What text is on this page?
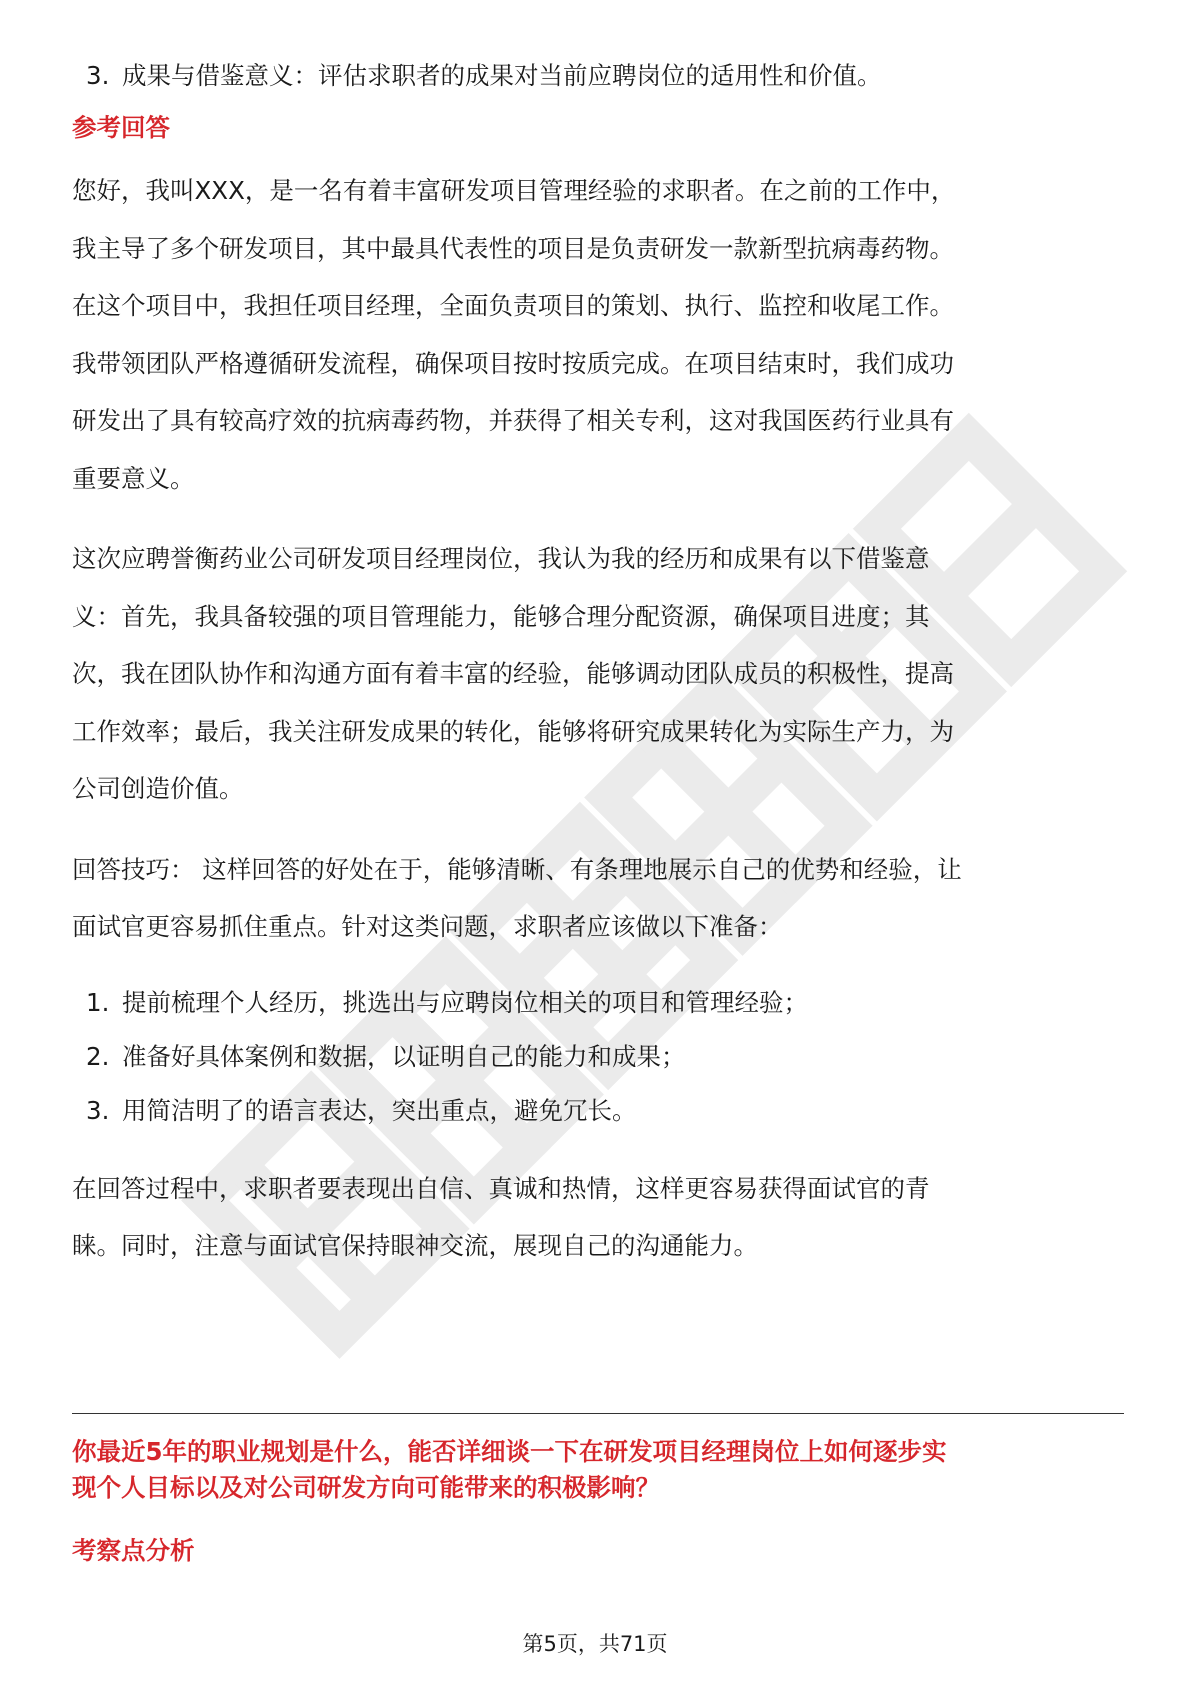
3. 成果与借鉴意义：评估求职者的成果对当前应聘岗位的适用性和价值。
参考回答
您好，我叫XXX，是一名有着丰富研发项目管理经验的求职者。在之前的工作中，
我主导了多个研发项目，其中最具代表性的项目是负责研发一款新型抗病毒药物。
在这个项目中，我担任项目经理，全面负责项目的策划、执行、监控和收尾工作。
我带领团队严格遵循研发流程，确保项目按时按质完成。在项目结束时，我们成功
研发出了具有较高疗效的抗病毒药物，并获得了相关专利，这对我国医药行业具有
重要意义。
这次应聘誉衡药业公司研发项目经理岗位，我认为我的经历和成果有以下借鉴意
义：首先，我具备较强的项目管理能力，能够合理分配资源，确保项目进度；其
次，我在团队协作和沟通方面有着丰富的经验，能够调动团队成员的积极性，提高
工作效率；最后，我关注研发成果的转化，能够将研究成果转化为实际生产力，为
公司创造价值。
回答技巧： 这样回答的好处在于，能够清晰、有条理地展示自己的优势和经验，让
面试官更容易抓住重点。针对这类问题，求职者应该做以下准备：
1. 提前梳理个人经历，挑选出与应聘岗位相关的项目和管理经验；
2. 准备好具体案例和数据，以证明自己的能力和成果；
3. 用简洁明了的语言表达，突出重点，避免冗长。
在回答过程中，求职者要表现出自信、真诚和热情，这样更容易获得面试官的青
睐。同时，注意与面试官保持眼神交流，展现自己的沟通能力。
你最近5年的职业规划是什么，能否详细谈一下在研发项目经理岗位上如何逐步实
现个人目标以及对公司研发方向可能带来的积极影响？
考察点分析
第5页，共71页
